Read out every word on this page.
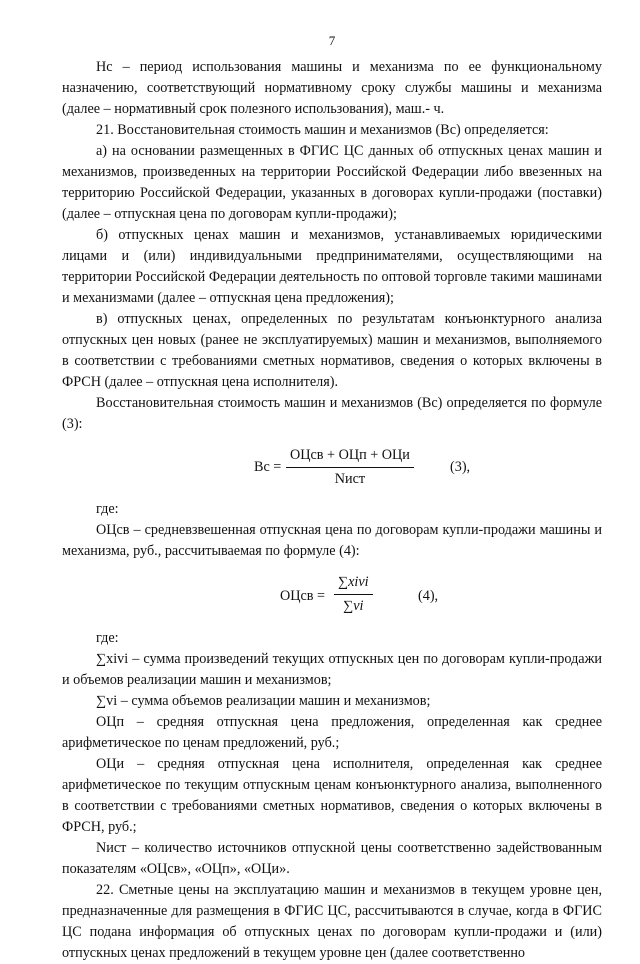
7

Нс – период использования машины и механизма по ее функциональному назначению, соответствующий нормативному сроку службы машины и механизма (далее – нормативный срок полезного использования), маш.- ч.

21. Восстановительная стоимость машин и механизмов (Вс) определяется:

а) на основании размещенных в ФГИС ЦС данных об отпускных ценах машин и механизмов, произведенных на территории Российской Федерации либо ввезенных на территорию Российской Федерации, указанных в договорах купли-продажи (поставки) (далее – отпускная цена по договорам купли-продажи);

б) отпускных ценах машин и механизмов, устанавливаемых юридическими лицами и (или) индивидуальными предпринимателями, осуществляющими на территории Российской Федерации деятельность по оптовой торговле такими машинами и механизмами (далее – отпускная цена предложения);

в) отпускных ценах, определенных по результатам конъюнктурного анализа отпускных цен новых (ранее не эксплуатируемых) машин и механизмов, выполняемого в соответствии с требованиями сметных нормативов, сведения о которых включены в ФРСН (далее – отпускная цена исполнителя).

Восстановительная стоимость машин и механизмов (Вс) определяется по формуле (3):

Вс =
ОЦсв + ОЦп + ОЦи
Nист
(3),

где:

ОЦсв – средневзвешенная отпускная цена по договорам купли-продажи машины и механизма, руб., рассчитываемая по формуле (4):

ОЦсв =
∑xivi
∑vi
(4),

где:

∑xivi – сумма произведений текущих отпускных цен по договорам купли-продажи и объемов реализации машин и механизмов;

∑vi – сумма объемов реализации машин и механизмов;

ОЦп – средняя отпускная цена предложения, определенная как среднее арифметическое по ценам предложений, руб.;

ОЦи – средняя отпускная цена исполнителя, определенная как среднее арифметическое по текущим отпускным ценам конъюнктурного анализа, выполненного в соответствии с требованиями сметных нормативов, сведения о которых включены в ФРСН, руб.;

Nист – количество источников отпускной цены соответственно задействованным показателям «ОЦсв», «ОЦп», «ОЦи».

22. Сметные цены на эксплуатацию машин и механизмов в текущем уровне цен, предназначенные для размещения в ФГИС ЦС, рассчитываются в случае, когда в ФГИС ЦС подана информация об отпускных ценах по договорам купли-продажи и (или) отпускных ценах предложений в текущем уровне цен (далее соответственно
